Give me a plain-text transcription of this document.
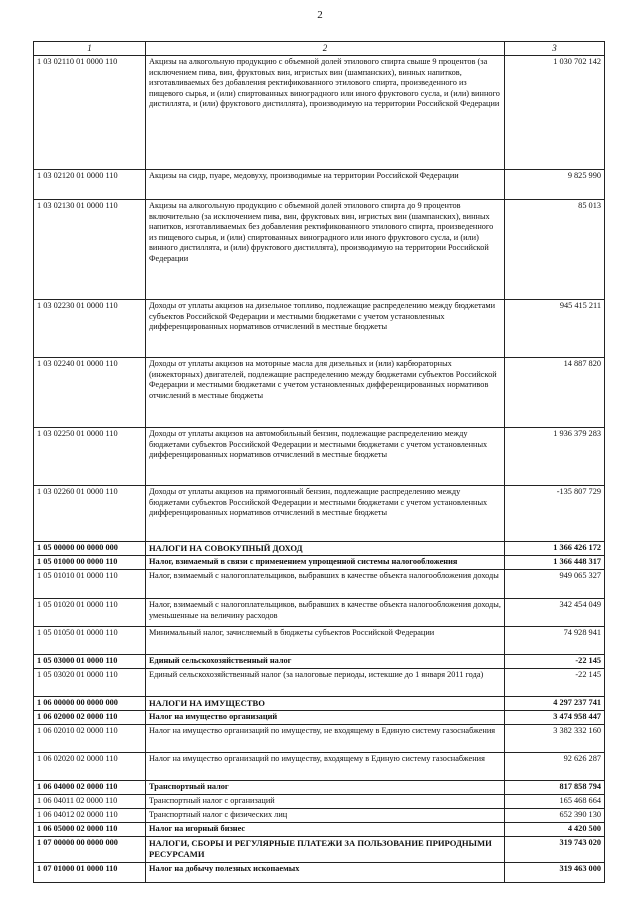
2
1	2	3
1 03 02110 01 0000 110	Акцизы на алкогольную продукцию с объемной долей этилового спирта свыше 9 процентов (за исключением пива, вин, фруктовых вин, игристых вин (шампанских), винных напитков, изготавливаемых без добавления ректификованного этилового спирта, произведенного из пищевого сырья, и (или) спиртованных виноградного или иного фруктового сусла, и (или) винного дистиллята, и (или) фруктового дистиллята), производимую на территории Российской Федерации	1 030 702 142
1 03 02120 01 0000 110	Акцизы на сидр, пуаре, медовуху, производимые на территории Российской Федерации	9 825 990
1 03 02130 01 0000 110	Акцизы на алкогольную продукцию с объемной долей этилового спирта до 9 процентов включительно (за исключением пива, вин, фруктовых вин, игристых вин (шампанских), винных напитков, изготавливаемых без добавления ректификованного этилового спирта, произведенного из пищевого сырья, и (или) спиртованных виноградного или иного фруктового сусла, и (или) винного дистиллята, и (или) фруктового дистиллята), производимую на территории Российской Федерации	85 013
1 03 02230 01 0000 110	Доходы от уплаты акцизов на дизельное топливо, подлежащие распределению между бюджетами субъектов Российской Федерации и местными бюджетами с учетом установленных дифференцированных нормативов отчислений в местные бюджеты	945 415 211
1 03 02240 01 0000 110	Доходы от уплаты акцизов на моторные масла для дизельных и (или) карбюраторных (инжекторных) двигателей, подлежащие распределению между бюджетами субъектов Российской Федерации и местными бюджетами с учетом установленных дифференцированных нормативов отчислений в местные бюджеты	14 887 820
1 03 02250 01 0000 110	Доходы от уплаты акцизов на автомобильный бензин, подлежащие распределению между бюджетами субъектов Российской Федерации и местными бюджетами с учетом установленных дифференцированных нормативов отчислений в местные бюджеты	1 936 379 283
1 03 02260 01 0000 110	Доходы от уплаты акцизов на прямогонный бензин, подлежащие распределению между бюджетами субъектов Российской Федерации и местными бюджетами с учетом установленных дифференцированных нормативов отчислений в местные бюджеты	-135 807 729
1 05 00000 00 0000 000	НАЛОГИ НА СОВОКУПНЫЙ ДОХОД	1 366 426 172
1 05 01000 00 0000 110	Налог, взимаемый в связи с применением упрощенной системы налогообложения	1 366 448 317
1 05 01010 01 0000 110	Налог, взимаемый с налогоплательщиков, выбравших в качестве объекта налогообложения доходы	949 065 327
1 05 01020 01 0000 110	Налог, взимаемый с налогоплательщиков, выбравших в качестве объекта налогообложения доходы, уменьшенные на величину расходов	342 454 049
1 05 01050 01 0000 110	Минимальный налог, зачисляемый в бюджеты субъектов Российской Федерации	74 928 941
1 05 03000 01 0000 110	Единый сельскохозяйственный налог	-22 145
1 05 03020 01 0000 110	Единый сельскохозяйственный налог (за налоговые периоды, истекшие до 1 января 2011 года)	-22 145
1 06 00000 00 0000 000	НАЛОГИ НА ИМУЩЕСТВО	4 297 237 741
1 06 02000 02 0000 110	Налог на имущество организаций	3 474 958 447
1 06 02010 02 0000 110	Налог на имущество организаций по имуществу, не входящему в Единую систему газоснабжения	3 382 332 160
1 06 02020 02 0000 110	Налог на имущество организаций по имуществу, входящему в Единую систему газоснабжения	92 626 287
1 06 04000 02 0000 110	Транспортный налог	817 858 794
1 06 04011 02 0000 110	Транспортный налог с организаций	165 468 664
1 06 04012 02 0000 110	Транспортный налог с физических лиц	652 390 130
1 06 05000 02 0000 110	Налог на игорный бизнес	4 420 500
1 07 00000 00 0000 000	НАЛОГИ, СБОРЫ И РЕГУЛЯРНЫЕ ПЛАТЕЖИ ЗА ПОЛЬЗОВАНИЕ ПРИРОДНЫМИ РЕСУРСАМИ	319 743 020
1 07 01000 01 0000 110	Налог на добычу полезных ископаемых	319 463 000
